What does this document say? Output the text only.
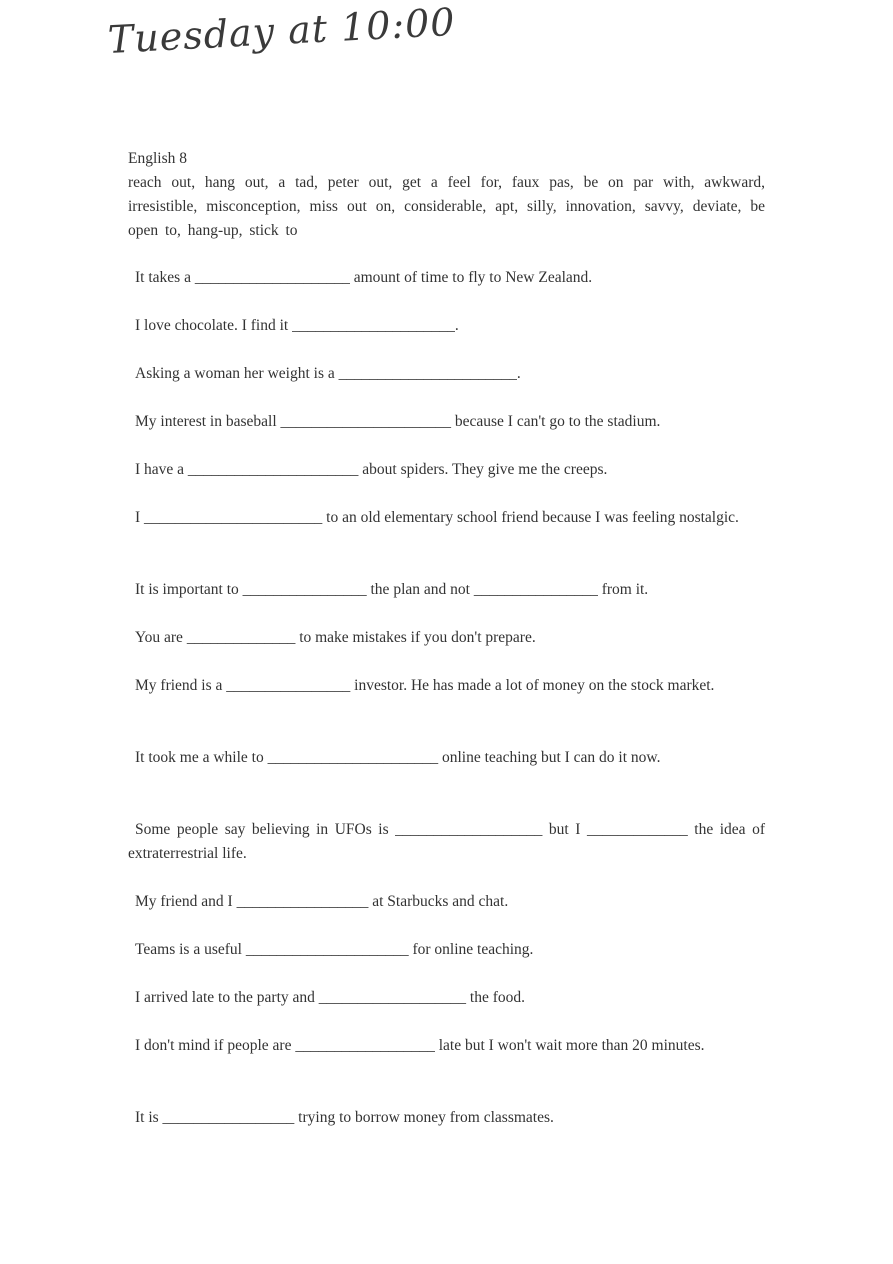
Tuesday at 10:00

English 8

reach out, hang out, a tad, peter out, get a feel for, faux pas, be on par with, awkward, irresistible, misconception, miss out on, considerable, apt, silly, innovation, savvy, deviate, be open to, hang-up, stick to

It takes a ____________________ amount of time to fly to New Zealand.
I love chocolate. I find it _____________________.
Asking a woman her weight is a _______________________.
My interest in baseball ______________________ because I can't go to the stadium.
I have a ______________________ about spiders. They give me the creeps.
I _______________________ to an old elementary school friend because I was feeling nostalgic.
It is important to ________________ the plan and not ________________ from it.
You are ______________ to make mistakes if you don't prepare.
My friend is a ________________ investor. He has made a lot of money on the stock market.
It took me a while to ______________________ online teaching but I can do it now.
Some people say believing in UFOs is ___________________ but I _____________ the idea of extraterrestrial life.
My friend and I _________________ at Starbucks and chat.
Teams is a useful _____________________ for online teaching.
I arrived late to the party and ___________________ the food.
I don't mind if people are __________________ late but I won't wait more than 20 minutes.
It is _________________ trying to borrow money from classmates.
